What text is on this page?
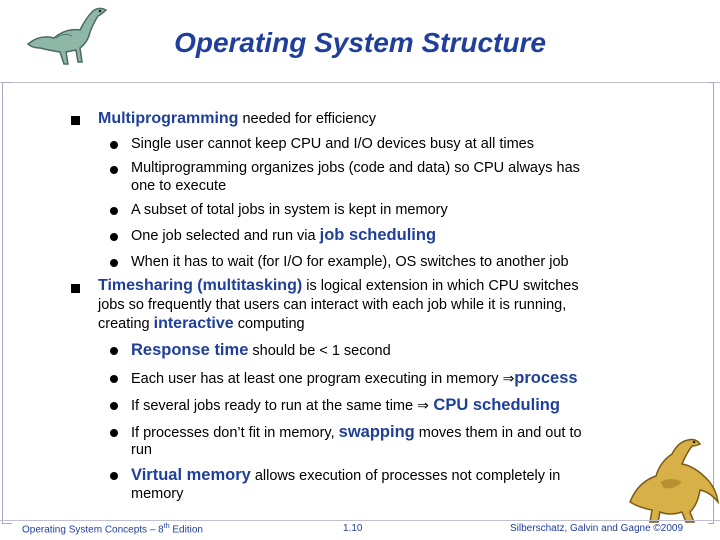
Operating System Structure
Multiprogramming needed for efficiency
Single user cannot keep CPU and I/O devices busy at all times
Multiprogramming organizes jobs (code and data) so CPU always has
one to execute
A subset of total jobs in system is kept in memory
One job selected and run via job scheduling
When it has to wait (for I/O for example), OS switches to another job
Timesharing (multitasking) is logical extension in which CPU switches
jobs so frequently that users can interact with each job while it is running,
creating interactive computing
Response time should be < 1 second
Each user has at least one program executing in memory ⇒process
If several jobs ready to run at the same time ⇒ CPU scheduling
If processes don’t fit in memory, swapping moves them in and out to
run
Virtual memory allows execution of processes not completely in
memory
Operating System Concepts – 8th Edition	1.10	Silberschatz, Galvin and Gagne ©2009
